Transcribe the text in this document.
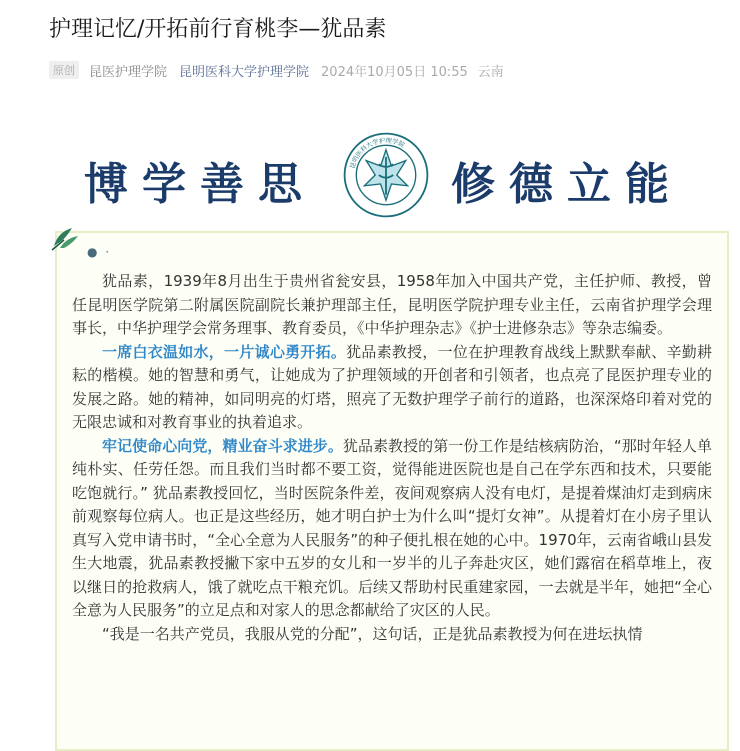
护理记忆/开拓前行育桃李—犹品素
原创	昆医护理学院 昆明医科大学护理学院 2024年10月05日 10:55 云南
博学善思	昆明医科大学护理学院
修德立能
● ·

犹品素，1939年8月出生于贵州省瓮安县，1958年加入中国共产党，主任护师、教授，曾任昆明医学院第二附属医院副院长兼护理部主任，昆明医学院护理专业主任，云南省护理学会理事长，中华护理学会常务理事、教育委员，《中华护理杂志》《护士进修杂志》等杂志编委。

一席白衣温如水，一片诚心勇开拓。犹品素教授，一位在护理教育战线上默默奉献、辛勤耕耘的楷模。她的智慧和勇气，让她成为了护理领域的开创者和引领者，也点亮了昆医护理专业的发展之路。她的精神，如同明亮的灯塔，照亮了无数护理学子前行的道路，也深深烙印着对党的无限忠诚和对教育事业的执着追求。

牢记使命心向党，精业奋斗求进步。犹品素教授的第一份工作是结核病防治，“那时年轻人单纯朴实、任劳任怨。而且我们当时都不要工资，觉得能进医院也是自己在学东西和技术，只要能吃饱就行。” 犹品素教授回忆，当时医院条件差，夜间观察病人没有电灯，是提着煤油灯走到病床前观察每位病人。也正是这些经历，她才明白护士为什么叫“提灯女神”。从提着灯在小房子里认真写入党申请书时，“全心全意为人民服务”的种子便扎根在她的心中。1970年，云南省峨山县发生大地震，犹品素教授撇下家中五岁的女儿和一岁半的儿子奔赴灾区，她们露宿在稻草堆上，夜以继日的抢救病人，饿了就吃点干粮充饥。后续又帮助村民重建家园，一去就是半年，她把“全心全意为人民服务”的立足点和对家人的思念都献给了灾区的人民。

“我是一名共产党员，我服从党的分配”，这句话，正是犹品素教授为何在进坛执情
